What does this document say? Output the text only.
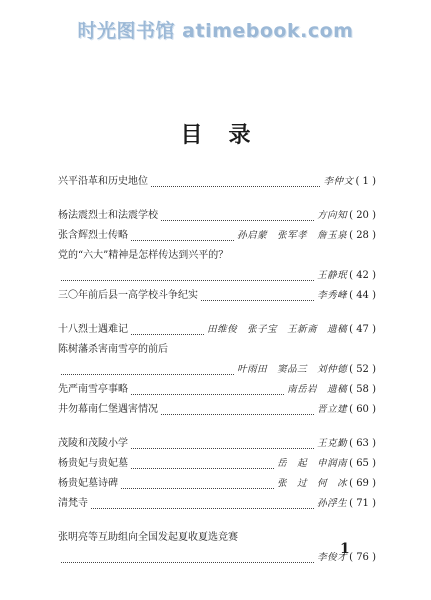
时光图书馆 atimebook.com
目录
兴平沿革和历史地位	李仲文 ( 1 )
杨法震烈士和法震学校	方向知 ( 20 )
张含辉烈士传略	孙启蒙　张军孝　詹玉泉 ( 28 )
党的“六大”精神是怎样传达到兴平的？
王静珉 ( 42 )
三〇年前后县一高学校斗争纪实	李秀峰 ( 44 )
十八烈士遇难记	田维俊　张子宝　王新斋　遗稿 ( 47 )
陈树藩杀害南雪亭的前后
叶雨田　窦品三　刘仲德 ( 52 )
先严南雪亭事略	南岳岩　遗稿 ( 58 )
井勿幕南仁堡遇害情况	晋立建 ( 60 )
茂陵和茂陵小学	王克勤 ( 63 )
杨贵妃与贵妃墓	岳　起　申润南 ( 65 )
杨贵妃墓诗碑	张　过　何　冰 ( 69 )
清梵寺	孙浮生 ( 71 )
张明亮等互助组向全国发起夏收夏选竞赛
李俊才 ( 76 )
1
